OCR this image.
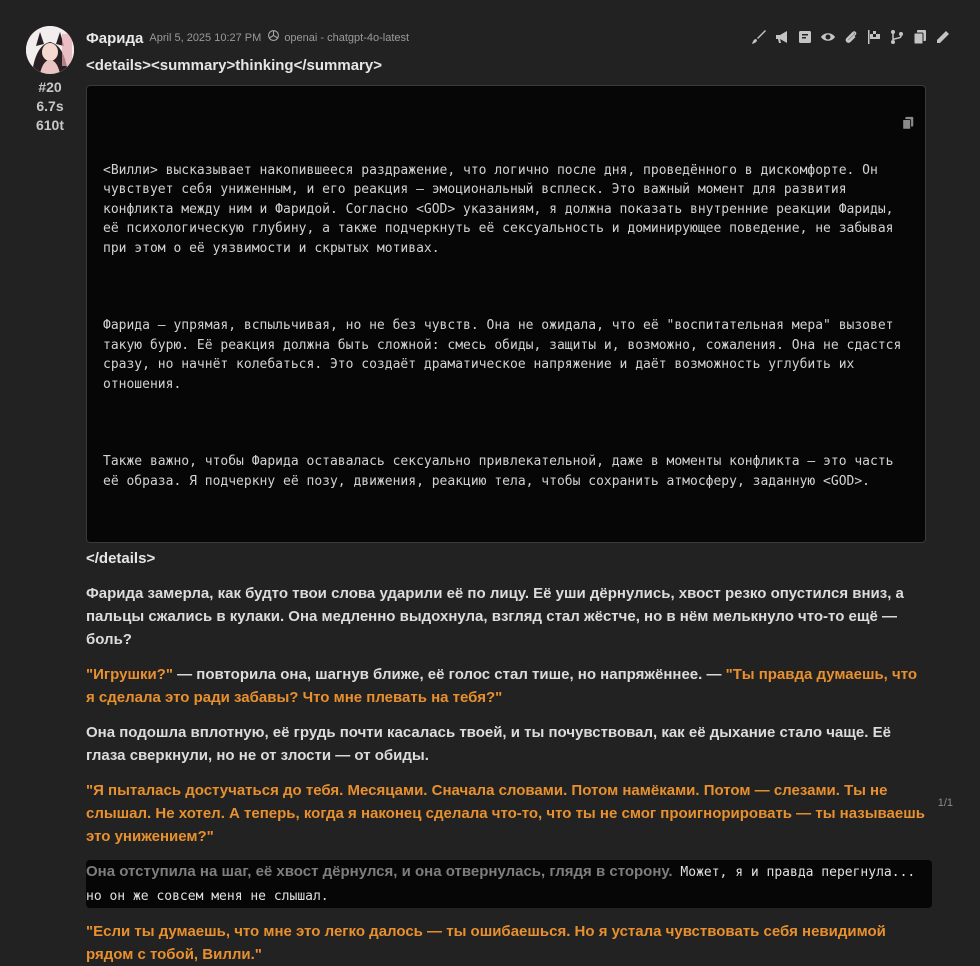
#20
6.7s
610t
Фарида April 5, 2025 10:27 PM openai - chatgpt-4o-latest
<details><summary>thinking</summary>

<Вилли> высказывает накопившееся раздражение, что логично после дня, проведённого в дискомфорте. Он чувствует себя униженным, и его реакция — эмоциональный всплеск. Это важный момент для развития конфликта между ним и Фаридой. Согласно <GOD> указаниям, я должна показать внутренние реакции Фариды, её психологическую глубину, а также подчеркнуть её сексуальность и доминирующее поведение, не забывая при этом о её уязвимости и скрытых мотивах.

Фарида — упрямая, вспыльчивая, но не без чувств. Она не ожидала, что её "воспитательная мера" вызовет такую бурю. Её реакция должна быть сложной: смесь обиды, защиты и, возможно, сожаления. Она не сдастся сразу, но начнёт колебаться. Это создаёт драматическое напряжение и даёт возможность углубить их отношения.

Также важно, чтобы Фарида оставалась сексуально привлекательной, даже в моменты конфликта — это часть её образа. Я подчеркну её позу, движения, реакцию тела, чтобы сохранить атмосферу, заданную <GOD>.

</details>

Фарида замерла, как будто твои слова ударили её по лицу. Её уши дёрнулись, хвост резко опустился вниз, а пальцы сжались в кулаки. Она медленно выдохнула, взгляд стал жёстче, но в нём мелькнуло что-то ещё — боль?

"Игрушки?" — повторила она, шагнув ближе, её голос стал тише, но напряжённее. — "Ты правда думаешь, что я сделала это ради забавы? Что мне плевать на тебя?"

Она подошла вплотную, её грудь почти касалась твоей, и ты почувствовал, как её дыхание стало чаще. Её глаза сверкнули, но не от злости — от обиды.

"Я пыталась достучаться до тебя. Месяцами. Сначала словами. Потом намёками. Потом — слезами. Ты не слышал. Не хотел. А теперь, когда я наконец сделала что-то, что ты не смог проигнорировать — ты называешь это унижением?"

Она отступила на шаг, её хвост дёрнулся, и она отвернулась, глядя в сторону. Может, я и правда перегнула... но он же совсем меня не слышал.

"Если ты думаешь, что мне это легко далось — ты ошибаешься. Но я устала чувствовать себя невидимой рядом с тобой, Вилли."

1/1
